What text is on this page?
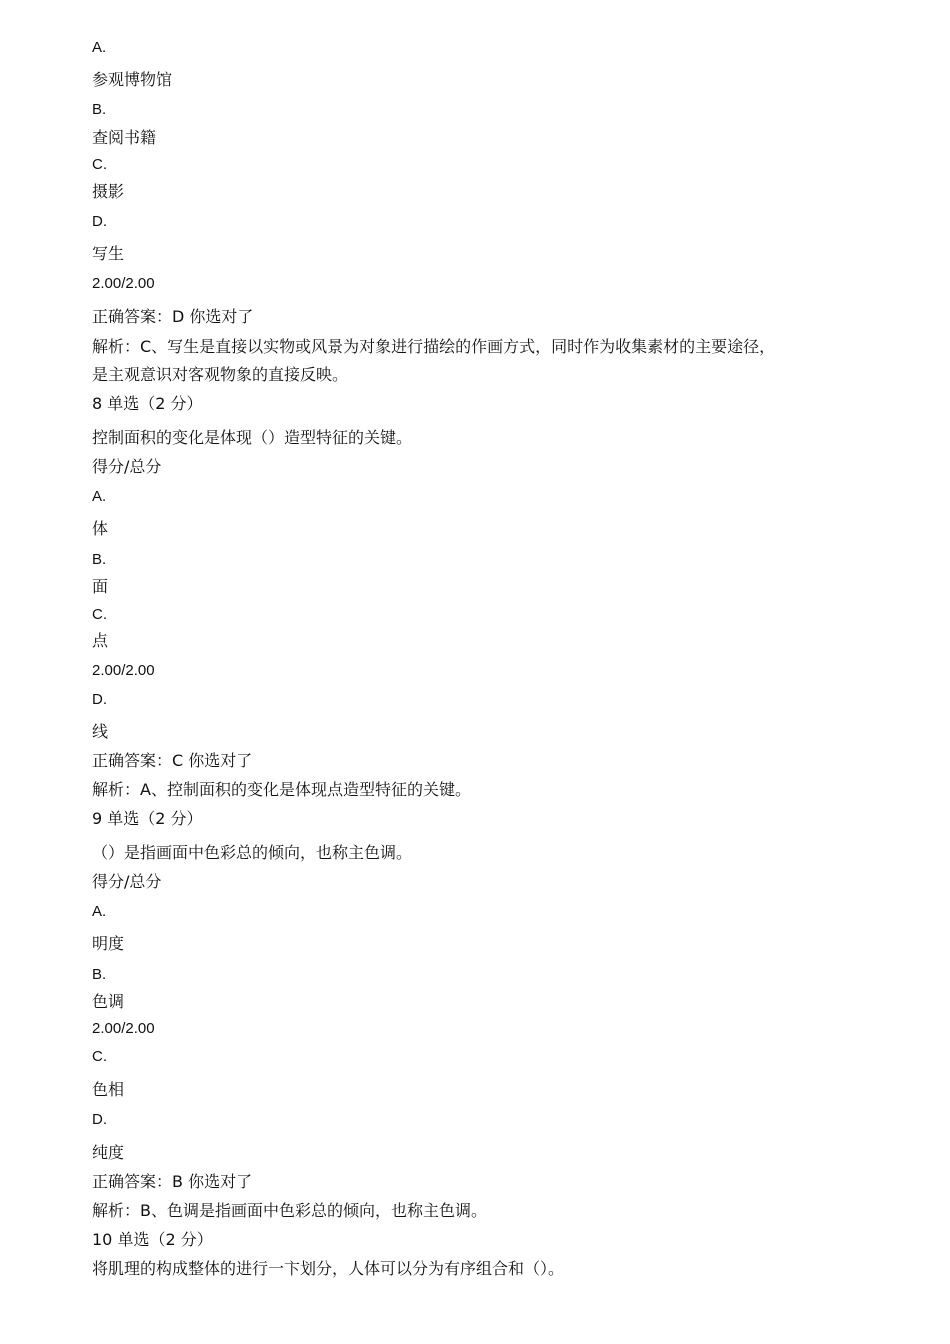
A.
参观博物馆
B.
查阅书籍
C.
摄影
D.
写生
2.00/2.00
正确答案：D 你选对了
解析：C、写生是直接以实物或风景为对象进行描绘的作画方式，同时作为收集素材的主要途径，
是主观意识对客观物象的直接反映。
8 单选（2 分）
控制面积的变化是体现（）造型特征的关键。
得分/总分
A.
体
B.
面
C.
点
2.00/2.00
D.
线
正确答案：C 你选对了
解析：A、控制面积的变化是体现点造型特征的关键。
9 单选（2 分）
（）是指画面中色彩总的倾向，也称主色调。
得分/总分
A.
明度
B.
色调
2.00/2.00
C.
色相
D.
纯度
正确答案：B 你选对了
解析：B、色调是指画面中色彩总的倾向，也称主色调。
10 单选（2 分）
将肌理的构成整体的进行一卞划分，人体可以分为有序组合和（）。
